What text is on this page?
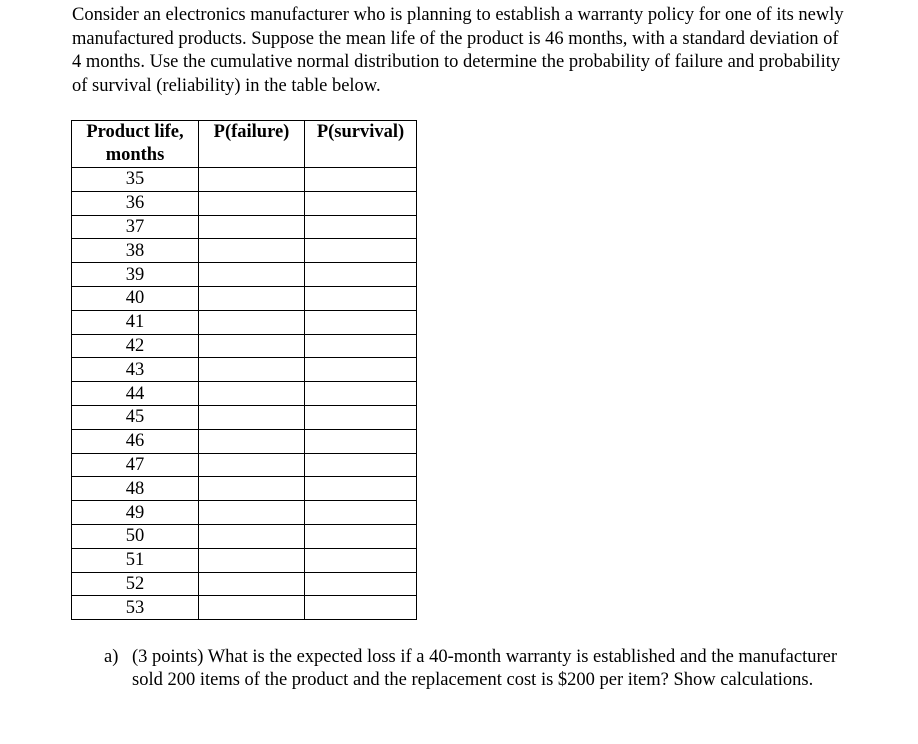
Consider an electronics manufacturer who is planning to establish a warranty policy for one of its newly manufactured products. Suppose the mean life of the product is 46 months, with a standard deviation of 4 months. Use the cumulative normal distribution to determine the probability of failure and probability of survival (reliability) in the table below.

Product life, months	P(failure)	P(survival)
35		
36		
37		
38		
39		
40		
41		
42		
43		
44		
45		
46		
47		
48		
49		
50		
51		
52		
53		
a) (3 points) What is the expected loss if a 40-month warranty is established and the manufacturer sold 200 items of the product and the replacement cost is $200 per item? Show calculations.
